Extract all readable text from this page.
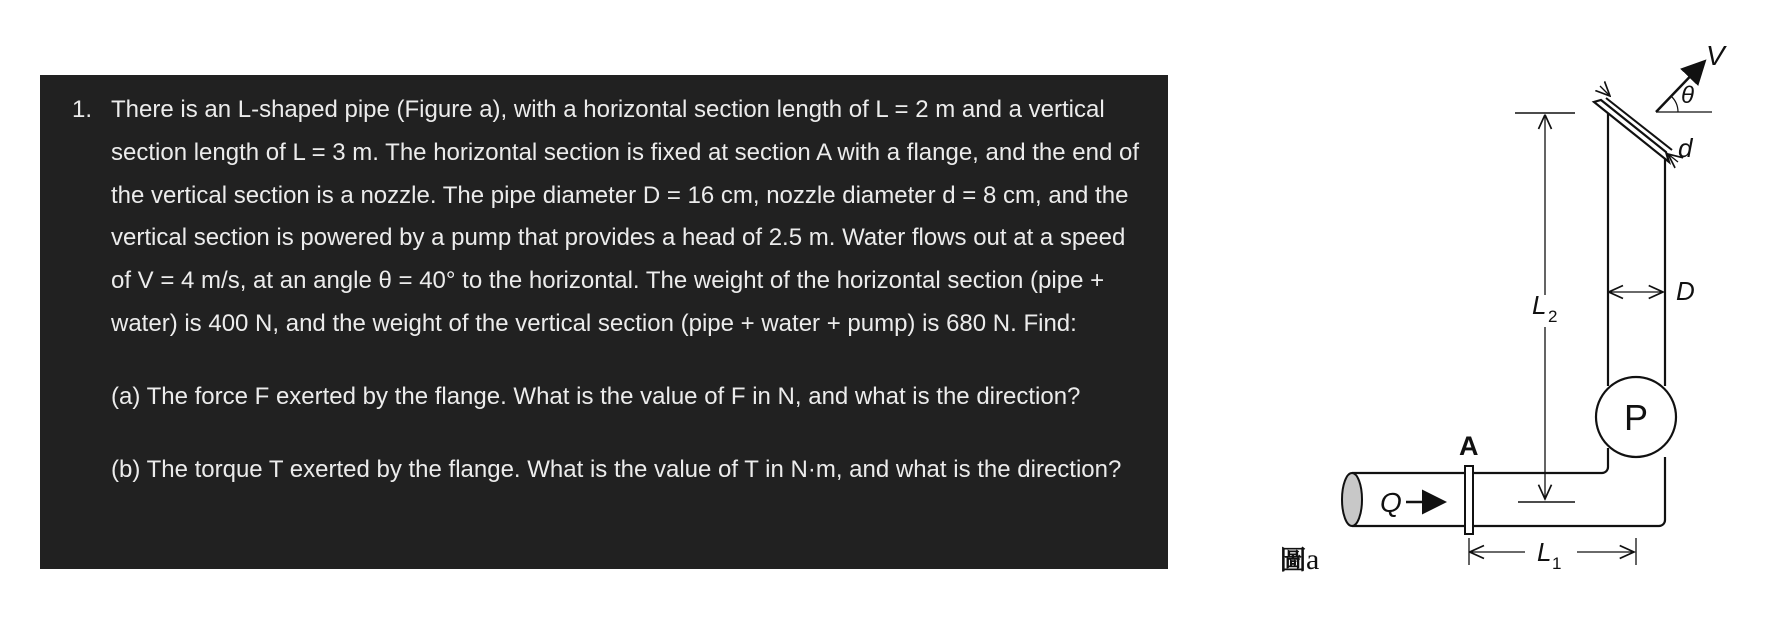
1. There is an L-shaped pipe (Figure a), with a horizontal section length of L = 2 m and a vertical section length of L = 3 m. The horizontal section is fixed at section A with a flange, and the end of the vertical section is a nozzle. The pipe diameter D = 16 cm, nozzle diameter d = 8 cm, and the vertical section is powered by a pump that provides a head of 2.5 m. Water flows out at a speed of V = 4 m/s, at an angle θ = 40° to the horizontal. The weight of the horizontal section (pipe + water) is 400 N, and the weight of the vertical section (pipe + water + pump) is 680 N. Find:
(a) The force F exerted by the flange. What is the value of F in N, and what is the direction?
(b) The torque T exerted by the flange. What is the value of T in N·m, and what is the direction?
Q
A
P
d
V
θ
D
L 2
L 1

圖a
